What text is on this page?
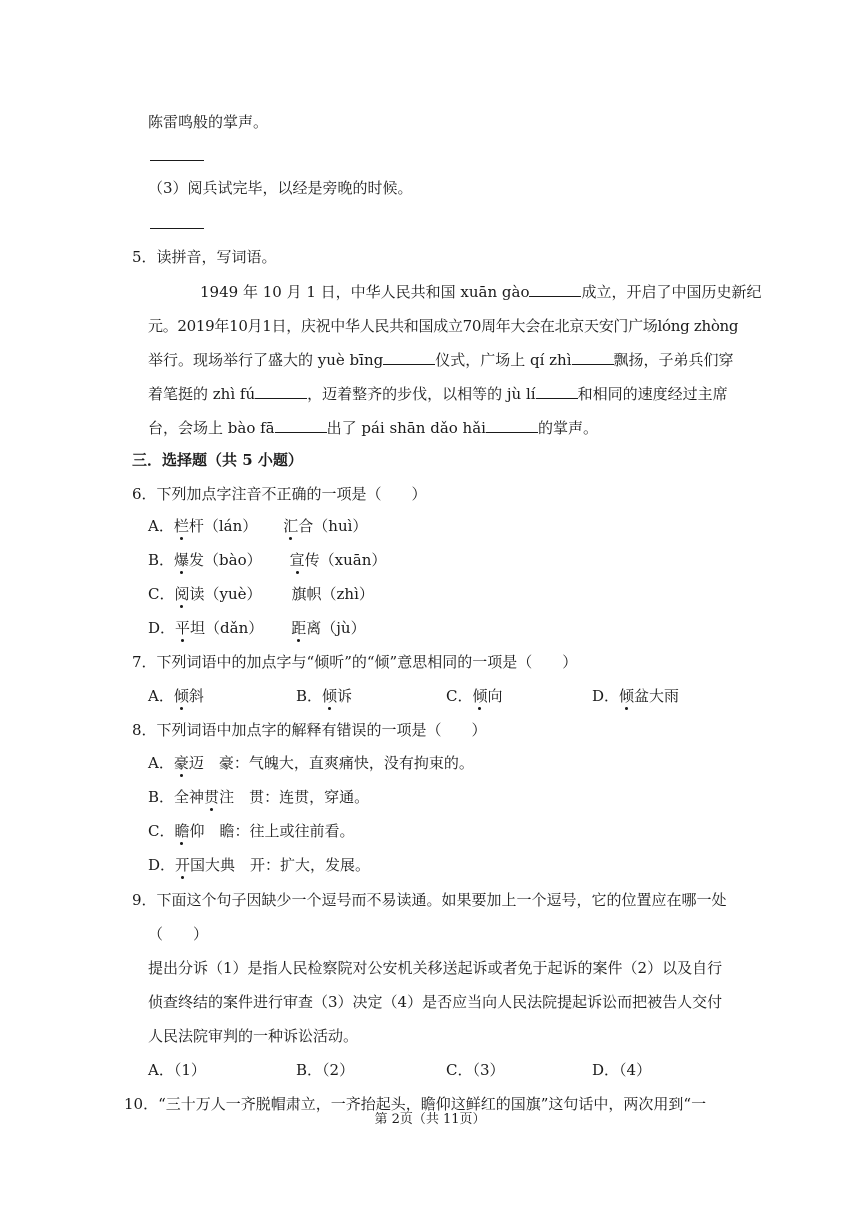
陈雷鸣般的掌声。
（3）阅兵试完毕，以经是旁晚的时候。
5．读拼音，写词语。
1949 年 10 月 1 日，中华人民共和国 xuān gào	成立，开启了中国历史新纪
元。2019年10月1日，庆祝中华人民共和国成立70周年大会在北京天安门广场lóng zhòng
举行。现场举行了盛大的 yuè bīng	仪式，广场上 qí zhì	飘扬，子弟兵们穿
着笔挺的 zhì fú	，迈着整齐的步伐，以相等的 jù lí	和相同的速度经过主席
台，会场上 bào fā	出了 pái shān dǎo hǎi	的掌声。
三．选择题（共 5 小题）
6．下列加点字注音不正确的一项是（　　）
A．栏杆（lán） 汇合（huì）
B．爆发（bào） 宣传（xuān）
C．阅读（yuè） 旗帜（zhì）
D．平坦（dǎn） 距离（jù）
7．下列词语中的加点字与“倾听”的“倾”意思相同的一项是（　　）
A．倾斜	B．倾诉	C．倾向	D．倾盆大雨
8．下列词语中加点字的解释有错误的一项是（　　）
A．豪迈　豪：气魄大，直爽痛快，没有拘束的。
B．全神贯注　贯：连贯，穿通。
C．瞻仰　瞻：往上或往前看。
D．开国大典　开：扩大，发展。
9．下面这个句子因缺少一个逗号而不易读通。如果要加上一个逗号，它的位置应在哪一处
（　　）
提出分诉（1）是指人民检察院对公安机关移送起诉或者免于起诉的案件（2）以及自行
侦查终结的案件进行审查（3）决定（4）是否应当向人民法院提起诉讼而把被告人交付
人民法院审判的一种诉讼活动。
A．（1）	B．（2）	C．（3）	D．（4）
10．“三十万人一齐脱帽肃立，一齐抬起头，瞻仰这鲜红的国旗”这句话中，两次用到“一
第 2页（共 11页）
